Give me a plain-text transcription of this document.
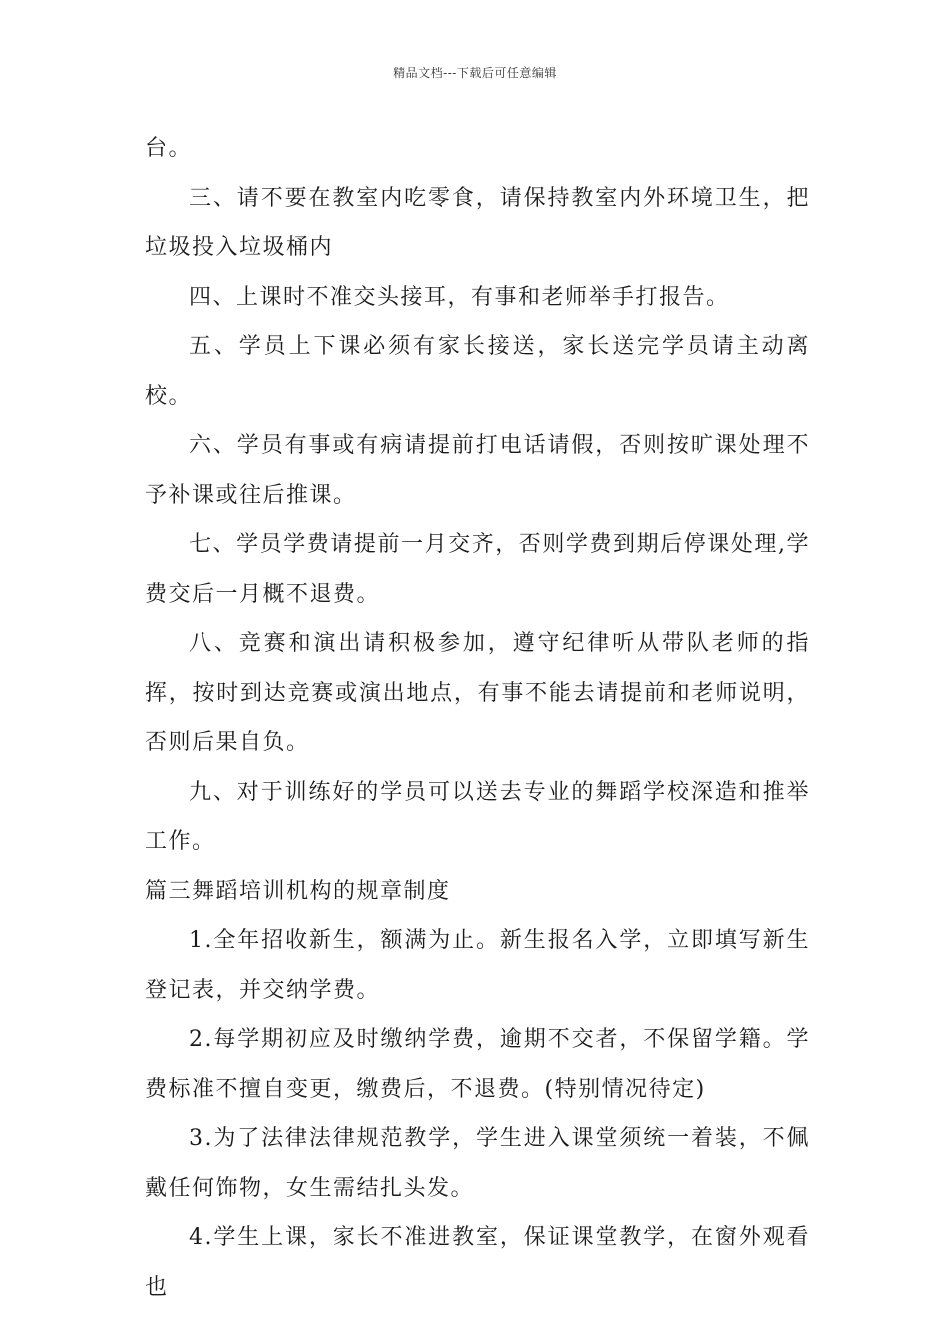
精品文档---下载后可任意编辑

台。

三、请不要在教室内吃零食，请保持教室内外环境卫生，把垃圾投入垃圾桶内

四、上课时不准交头接耳，有事和老师举手打报告。

五、学员上下课必须有家长接送，家长送完学员请主动离校。

六、学员有事或有病请提前打电话请假，否则按旷课处理不予补课或往后推课。

七、学员学费请提前一月交齐，否则学费到期后停课处理,学费交后一月概不退费。

八、竞赛和演出请积极参加，遵守纪律听从带队老师的指挥，按时到达竞赛或演出地点，有事不能去请提前和老师说明，否则后果自负。

九、对于训练好的学员可以送去专业的舞蹈学校深造和推举工作。

篇三舞蹈培训机构的规章制度

1.全年招收新生，额满为止。新生报名入学，立即填写新生登记表，并交纳学费。

2.每学期初应及时缴纳学费，逾期不交者，不保留学籍。学费标准不擅自变更，缴费后，不退费。(特别情况待定)

3.为了法律法律规范教学，学生进入课堂须统一着装，不佩戴任何饰物，女生需结扎头发。

4.学生上课，家长不准进教室，保证课堂教学，在窗外观看也
